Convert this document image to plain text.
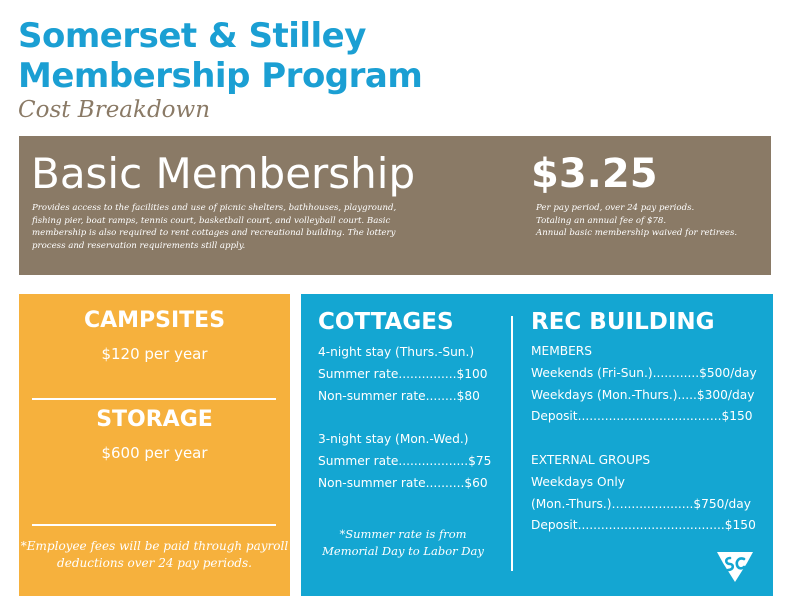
Somerset & Stilley
Membership Program
Cost Breakdown
Basic Membership
Provides access to the facilities and use of picnic shelters, bathhouses, playground, fishing pier, boat ramps, tennis court, basketball court, and volleyball court. Basic membership is also required to rent cottages and recreational building. The lottery process and reservation requirements still apply.
$3.25
Per pay period, over 24 pay periods.
Totaling an annual fee of $78.
Annual basic membership waived for retirees.
CAMPSITES
$120 per year
STORAGE
$600 per year
*Employee fees will be paid through payroll deductions over 24 pay periods.
COTTAGES
4-night stay (Thurs.-Sun.)
Summer rate...............$100
Non-summer rate........$80
3-night stay (Mon.-Wed.)
Summer rate..................$75
Non-summer rate..........$60
*Summer rate is from Memorial Day to Labor Day
REC BUILDING
MEMBERS
Weekends (Fri-Sun.)............$500/day
Weekdays (Mon.-Thurs.).....$300/day
Deposit...............................…...$150
EXTERNAL GROUPS
Weekdays Only
(Mon.-Thurs.)…..................$750/day
Deposit......................................$150
